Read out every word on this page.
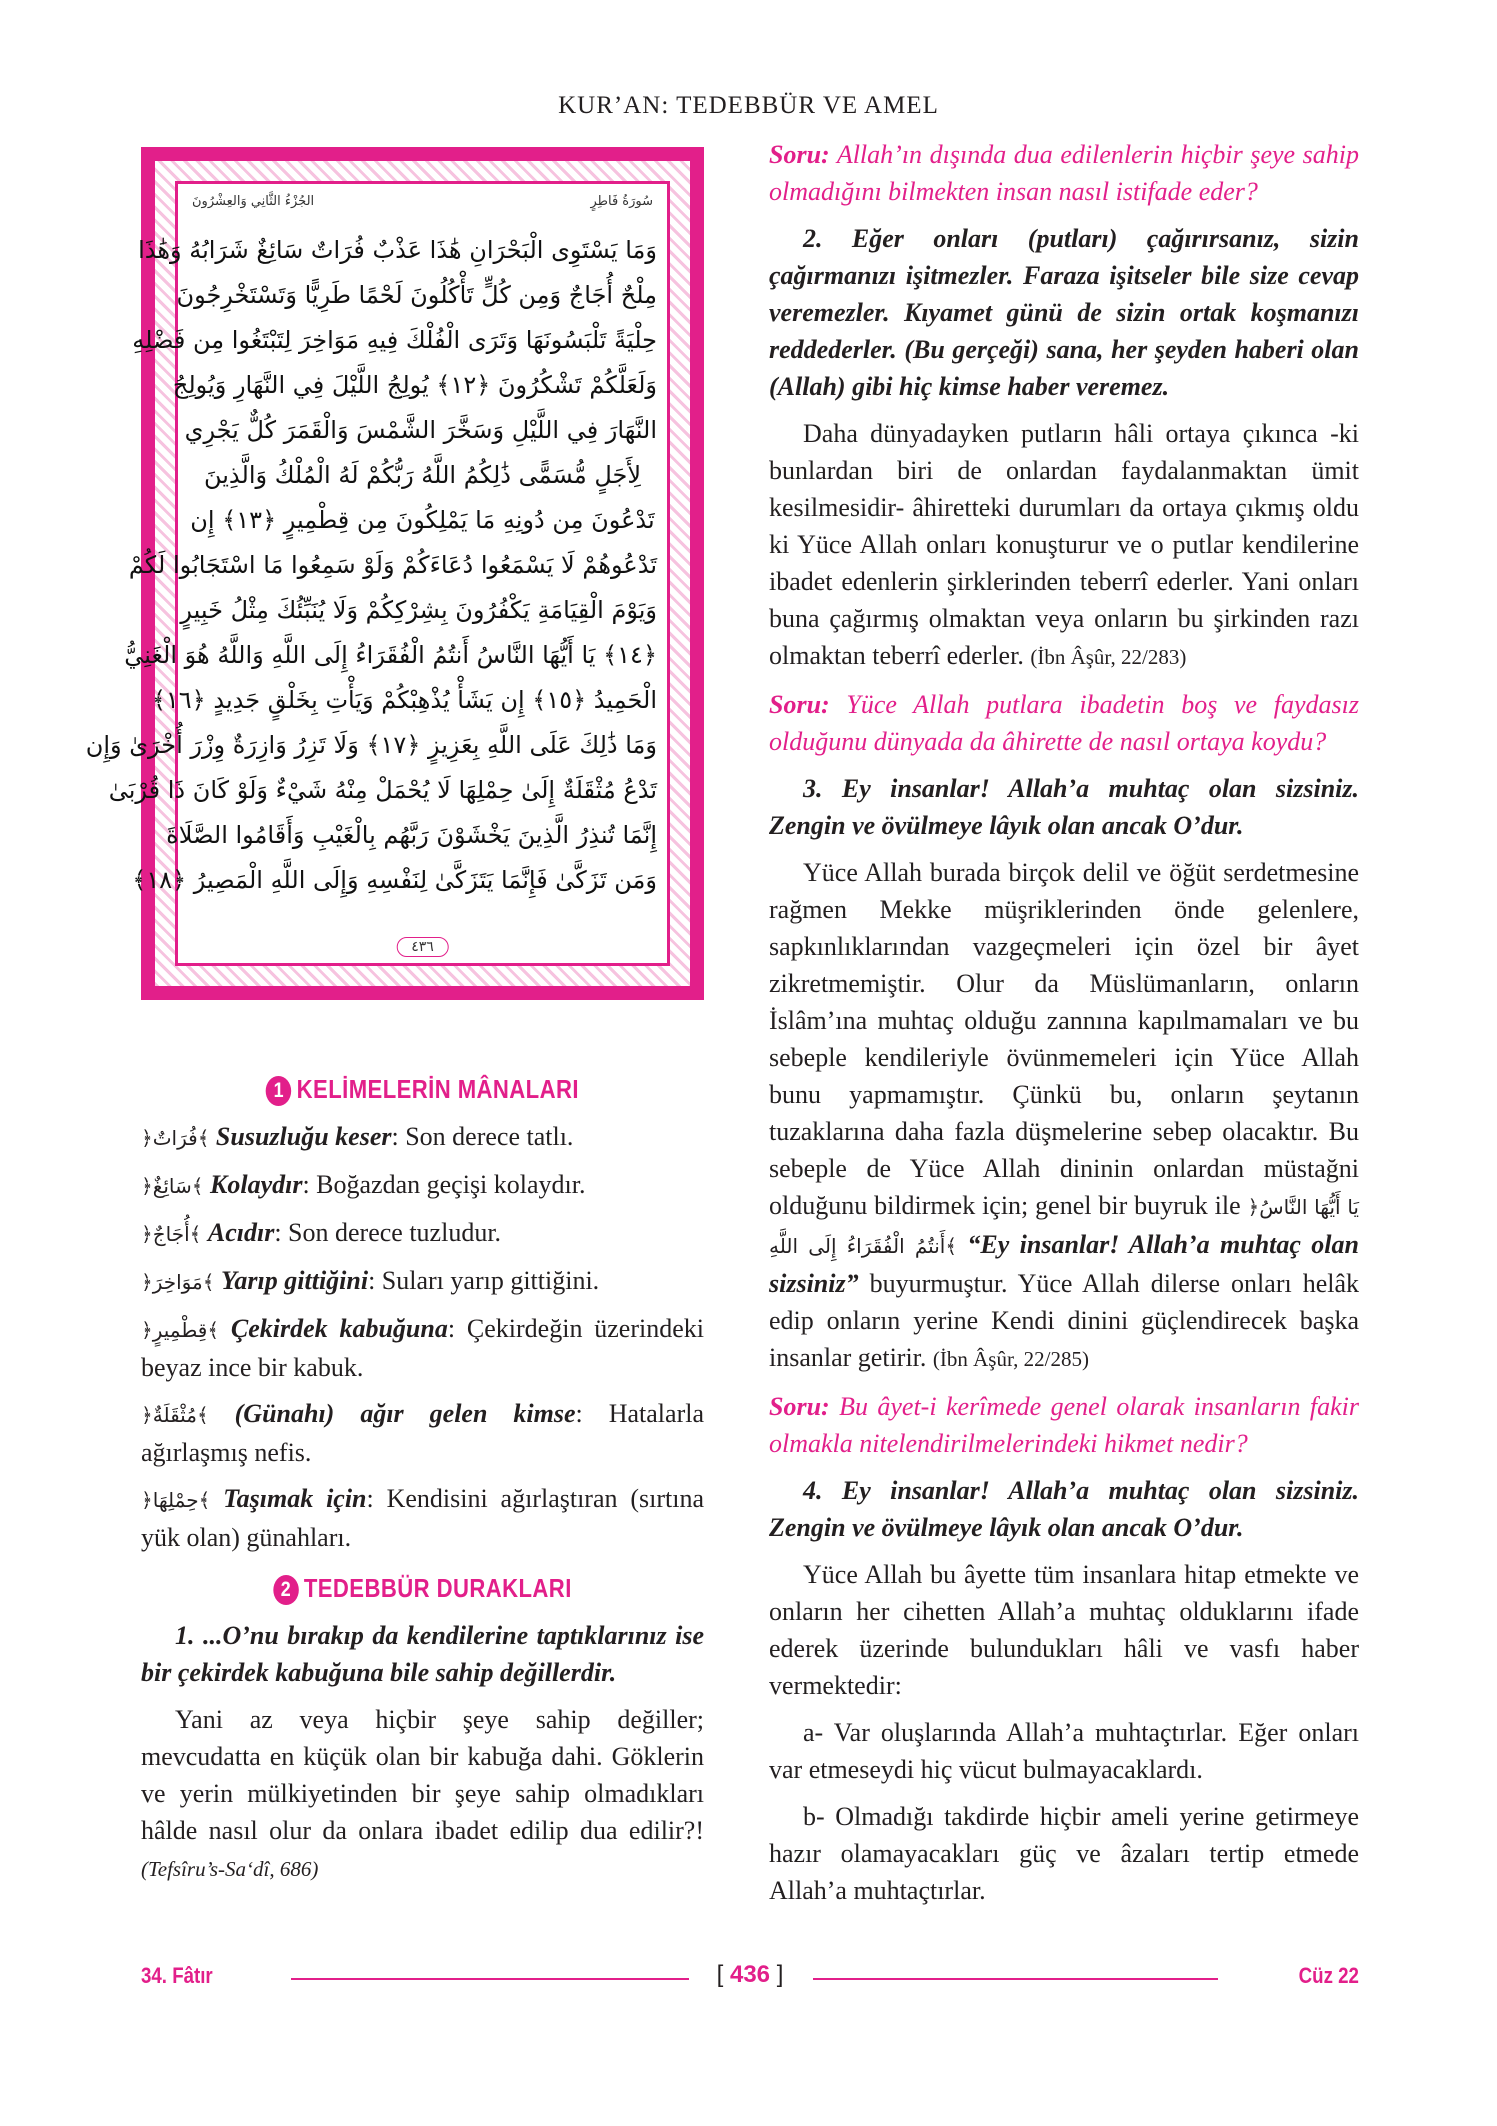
KUR’AN: TEDEBBÜR VE AMEL
سُورَةُ فَاطِرٍ
الجُزْءُ الثَّانِي وَالعِشْرُونَ
وَمَا يَسْتَوِى الْبَحْرَانِ هَٰذَا عَذْبٌ فُرَاتٌ سَائِغٌ شَرَابُهُ وَهَٰذَا
مِلْحٌ أُجَاجٌ وَمِن كُلٍّ تَأْكُلُونَ لَحْمًا طَرِيًّا وَتَسْتَخْرِجُونَ
حِلْيَةً تَلْبَسُونَهَا وَتَرَى الْفُلْكَ فِيهِ مَوَاخِرَ لِتَبْتَغُوا مِن فَضْلِهِ
وَلَعَلَّكُمْ تَشْكُرُونَ ﴿١٢﴾ يُولِجُ اللَّيْلَ فِي النَّهَارِ وَيُولِجُ
النَّهَارَ فِي اللَّيْلِ وَسَخَّرَ الشَّمْسَ وَالْقَمَرَ كُلٌّ يَجْرِي
لِأَجَلٍ مُّسَمًّى ذَٰلِكُمُ اللَّهُ رَبُّكُمْ لَهُ الْمُلْكُ وَالَّذِينَ
تَدْعُونَ مِن دُونِهِ مَا يَمْلِكُونَ مِن قِطْمِيرٍ ﴿١٣﴾ إِن
تَدْعُوهُمْ لَا يَسْمَعُوا دُعَاءَكُمْ وَلَوْ سَمِعُوا مَا اسْتَجَابُوا لَكُمْ
وَيَوْمَ الْقِيَامَةِ يَكْفُرُونَ بِشِرْكِكُمْ وَلَا يُنَبِّئُكَ مِثْلُ خَبِيرٍ
﴿١٤﴾ يَا أَيُّهَا النَّاسُ أَنتُمُ الْفُقَرَاءُ إِلَى اللَّهِ وَاللَّهُ هُوَ الْغَنِيُّ
الْحَمِيدُ ﴿١٥﴾ إِن يَشَأْ يُذْهِبْكُمْ وَيَأْتِ بِخَلْقٍ جَدِيدٍ ﴿١٦﴾
وَمَا ذَٰلِكَ عَلَى اللَّهِ بِعَزِيزٍ ﴿١٧﴾ وَلَا تَزِرُ وَازِرَةٌ وِزْرَ أُخْرَىٰ وَإِن
تَدْعُ مُثْقَلَةٌ إِلَىٰ حِمْلِهَا لَا يُحْمَلْ مِنْهُ شَيْءٌ وَلَوْ كَانَ ذَا قُرْبَىٰ
إِنَّمَا تُنذِرُ الَّذِينَ يَخْشَوْنَ رَبَّهُم بِالْغَيْبِ وَأَقَامُوا الصَّلَاةَ
وَمَن تَزَكَّىٰ فَإِنَّمَا يَتَزَكَّىٰ لِنَفْسِهِ وَإِلَى اللَّهِ الْمَصِيرُ ﴿١٨﴾
٤٣٦
1 KELİMELERİN MÂNALARI

﴿فُرَاتٌ﴾ Susuzluğu keser: Son derece tatlı.

﴿سَائِغٌ﴾ Kolaydır: Boğazdan geçişi kolaydır.

﴿أُجَاجٌ﴾ Acıdır: Son derece tuzludur.

﴿مَوَاخِرَ﴾ Yarıp gittiğini: Suları yarıp gittiğini.

﴿قِطْمِيرٍ﴾ Çekirdek kabuğuna: Çekirdeğin üzerindeki beyaz ince bir kabuk.

﴿مُثْقَلَةٌ﴾ (Günahı) ağır gelen kimse: Hatalarla ağırlaşmış nefis.

﴿حِمْلِهَا﴾ Taşımak için: Kendisini ağırlaştıran (sırtına yük olan) günahları.

2 TEDEBBÜR DURAKLARI

1. ...O’nu bırakıp da kendilerine taptıklarınız ise bir çekirdek kabuğuna bile sahip değillerdir.

Yani az veya hiçbir şeye sahip değiller; mevcudatta en küçük olan bir kabuğa dahi. Göklerin ve yerin mülkiyetinden bir şeye sahip olmadıkları hâlde nasıl olur da onlara ibadet edilip dua edilir?! (Tefsîru’s-Sa‘dî, 686)

Soru: Allah’ın dışında dua edilenlerin hiçbir şeye sahip olmadığını bilmekten insan nasıl istifade eder?

2. Eğer onları (putları) çağırırsanız, sizin çağırmanızı işitmezler. Faraza işitseler bile size cevap veremezler. Kıyamet günü de sizin ortak koşmanızı reddederler. (Bu gerçeği) sana, her şeyden haberi olan (Allah) gibi hiç kimse haber veremez.

Daha dünyadayken putların hâli ortaya çıkınca -ki bunlardan biri de onlardan faydalanmaktan ümit kesilmesidir- âhiretteki durumları da ortaya çıkmış oldu ki Yüce Allah onları konuşturur ve o putlar kendilerine ibadet edenlerin şirklerinden teberrî ederler. Yani onları buna çağırmış olmaktan veya onların bu şirkinden razı olmaktan teberrî ederler. (İbn Âşûr, 22/283)

Soru: Yüce Allah putlara ibadetin boş ve faydasız olduğunu dünyada da âhirette de nasıl ortaya koydu?

3. Ey insanlar! Allah’a muhtaç olan sizsiniz. Zengin ve övülmeye lâyık olan ancak O’dur.

Yüce Allah burada birçok delil ve öğüt serdetmesine rağmen Mekke müşriklerinden önde gelenlere, sapkınlıklarından vazgeçmeleri için özel bir âyet zikretmemiştir. Olur da Müslümanların, onların İslâm’ına muhtaç olduğu zannına kapılmamaları ve bu sebeple kendileriyle övünmemeleri için Yüce Allah bunu yapmamıştır. Çünkü bu, onların şeytanın tuzaklarına daha fazla düşmelerine sebep olacaktır. Bu sebeple de Yüce Allah dininin onlardan müstağni olduğunu bildirmek için; genel bir buyruk ile ﴿يَا أَيُّهَا النَّاسُ أَنتُمُ الْفُقَرَاءُ إِلَى اللَّهِ﴾ “Ey insanlar! Allah’a muhtaç olan sizsiniz” buyurmuştur. Yüce Allah dilerse onları helâk edip onların yerine Kendi dinini güçlendirecek başka insanlar getirir. (İbn Âşûr, 22/285)

Soru: Bu âyet-i kerîmede genel olarak insanların fakir olmakla nitelendirilmelerindeki hikmet nedir?

4. Ey insanlar! Allah’a muhtaç olan sizsiniz. Zengin ve övülmeye lâyık olan ancak O’dur.

Yüce Allah bu âyette tüm insanlara hitap etmekte ve onların her cihetten Allah’a muhtaç olduklarını ifade ederek üzerinde bulundukları hâli ve vasfı haber vermektedir:

a- Var oluşlarında Allah’a muhtaçtırlar. Eğer onları var etmeseydi hiç vücut bulmayacaklardı.

b- Olmadığı takdirde hiçbir ameli yerine getirmeye hazır olamayacakları güç ve âzaları tertip etmede Allah’a muhtaçtırlar.

34. Fâtır	[ 436 ]	Cüz 22
